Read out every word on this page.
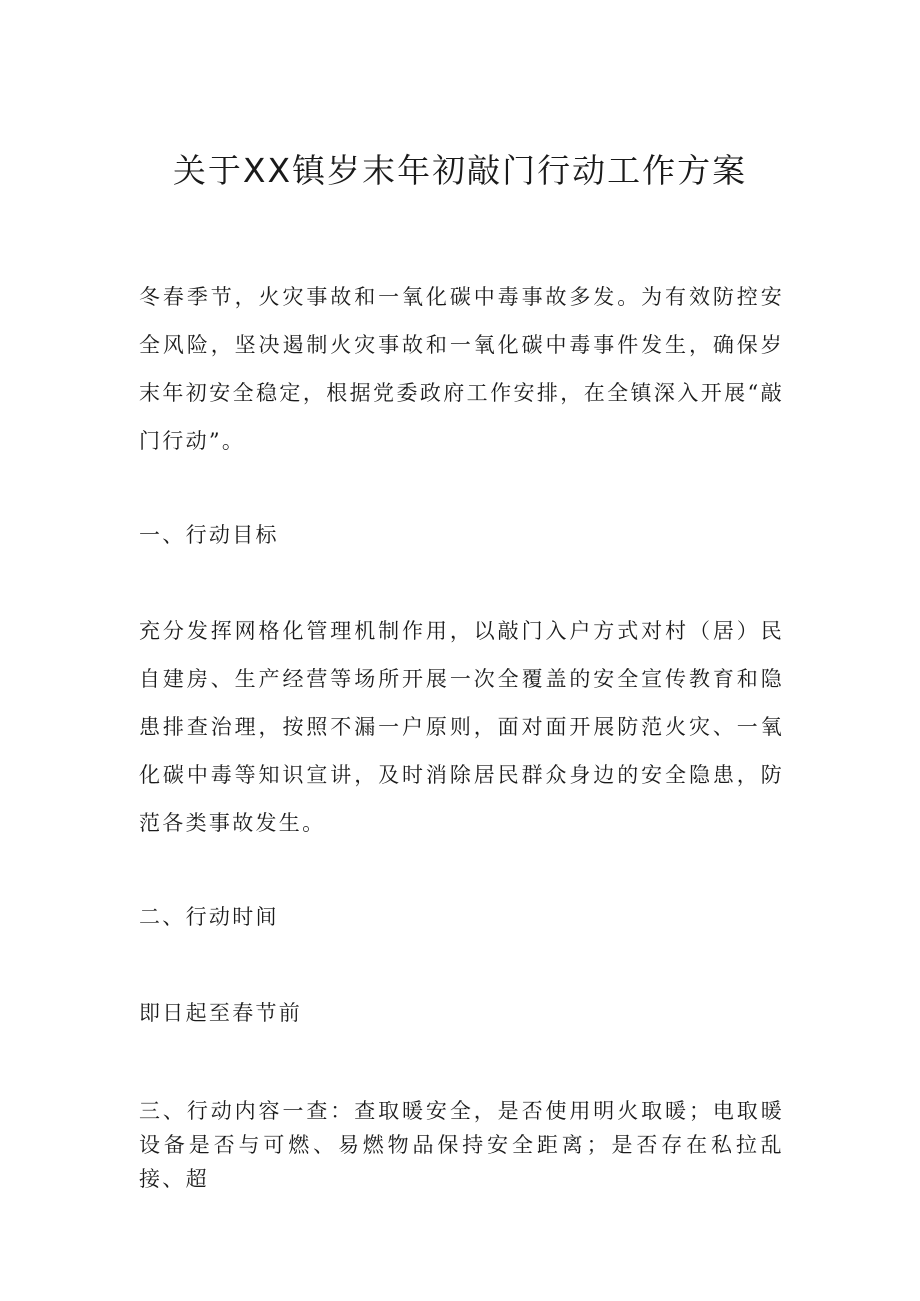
关于XX镇岁末年初敲门行动工作方案

冬春季节，火灾事故和一氧化碳中毒事故多发。为有效防控安全风险，坚决遏制火灾事故和一氧化碳中毒事件发生，确保岁末年初安全稳定，根据党委政府工作安排，在全镇深入开展“敲门行动”。

一、行动目标

充分发挥网格化管理机制作用，以敲门入户方式对村（居）民自建房、生产经营等场所开展一次全覆盖的安全宣传教育和隐患排查治理，按照不漏一户原则，面对面开展防范火灾、一氧化碳中毒等知识宣讲，及时消除居民群众身边的安全隐患，防范各类事故发生。

二、行动时间

即日起至春节前

三、行动内容一查：查取暖安全，是否使用明火取暖；电取暖设备是否与可燃、易燃物品保持安全距离；是否存在私拉乱接、超
